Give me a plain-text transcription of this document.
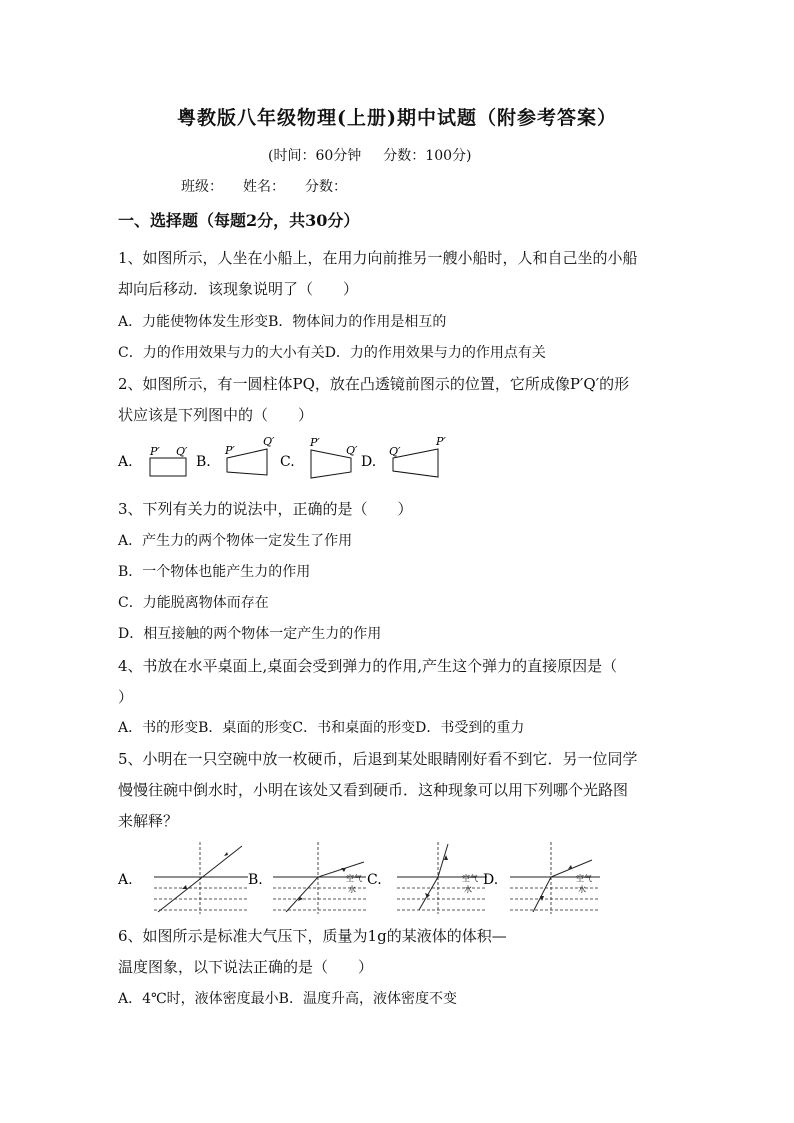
粤教版八年级物理(上册)期中试题（附参考答案）
(时间：60分钟 分数：100分)
班级： 姓名： 分数：
一、选择题（每题2分，共30分）
1、如图所示，人坐在小船上，在用力向前推另一艘小船时，人和自己坐的小船
却向后移动．该现象说明了（　　）
A．力能使物体发生形变B．物体间力的作用是相互的
C．力的作用效果与力的大小有关D．力的作用效果与力的作用点有关
2、如图所示，有一圆柱体PQ，放在凸透镜前图示的位置，它所成像P′Q′的形
状应该是下列图中的（　　）
A.
P′ Q′
B.
P′
Q′
C.
P′
Q′
D.
Q′
P′
3、下列有关力的说法中，正确的是（　　）
A．产生力的两个物体一定发生了作用
B．一个物体也能产生力的作用
C．力能脱离物体而存在
D．相互接触的两个物体一定产生力的作用
4、书放在水平桌面上,桌面会受到弹力的作用,产生这个弹力的直接原因是（
）
A．书的形变B．桌面的形变C．书和桌面的形变D．书受到的重力
5、小明在一只空碗中放一枚硬币，后退到某处眼睛刚好看不到它．另一位同学
慢慢往碗中倒水时，小明在该处又看到硬币．这种现象可以用下列哪个光路图
来解释？
A.	B.	空气
水
C.	空气
水
D.	空气
水
6、如图所示是标准大气压下，质量为1g的某液体的体积—
温度图象，以下说法正确的是（　　）
A．4℃时，液体密度最小B．温度升高，液体密度不变
